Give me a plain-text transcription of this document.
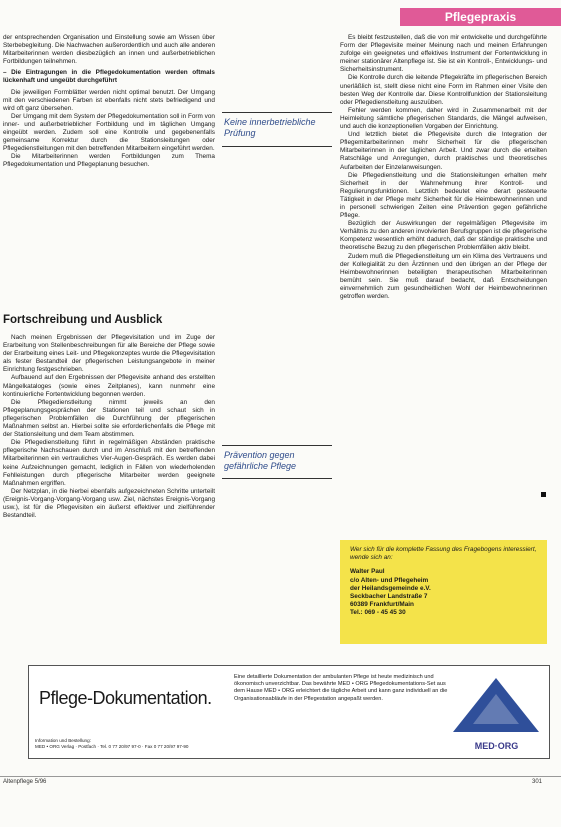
Pflegepraxis

der entsprechenden Organisation und Einstellung sowie am Wissen über Sterbebegleitung. Die Nachwachen außerordentlich und auch alle anderen Mitarbeiterinnen werden diesbezüglich an innen und außerbetrieblichen Fortbildungen teilnehmen.

– Die Eintragungen in die Pflegedokumentation werden oftmals lückenhaft und ungeübt durchgeführt

Die jeweiligen Formblätter werden nicht optimal benutzt. Der Umgang mit den verschiedenen Farben ist ebenfalls nicht stets befriedigend und wird oft ganz übersehen.

Der Umgang mit dem System der Pflegedokumentation soll in Form von inner- und außerbetrieblicher Fortbildung und im täglichen Umgang eingeübt werden. Zudem soll eine Kontrolle und gegebenenfalls gemeinsame Korrektur durch die Stationsleitungen oder Pflegedienstleitungen mit den betreffenden Mitarbeitern eingeführt werden.

Die Mitarbeiterinnen werden Fortbildungen zum Thema Pflegedokumentation und Pflegeplanung besuchen.

Fortschreibung und Ausblick

Nach meinen Ergebnissen der Pflegevisitation und im Zuge der Erarbeitung von Stellenbeschreibungen für alle Bereiche der Pflege sowie der Erarbeitung eines Leit- und Pflegekonzeptes wurde die Pflegevisitation als fester Bestandteil der pflegerischen Leistungsangebote in meiner Einrichtung festgeschrieben.

Aufbauend auf den Ergebnissen der Pflegevisite anhand des erstellten Mängelkataloges (sowie eines Zeitplanes), kann nunmehr eine kontinuierliche Fortentwicklung begonnen werden.

Die Pflegedienstleitung nimmt jeweils an den Pflegeplanungsgesprächen der Stationen teil und schaut sich in pflegerischen Problemfällen die Durchführung der pflegerischen Maßnahmen selbst an. Hierbei sollte sie erforderlichenfalls die Pflege mit der Stationsleitung und dem Team abstimmen.

Die Pflegedienstleitung führt in regelmäßigen Abständen praktische pflegerische Nachschauen durch und im Anschluß mit den betreffenden Mitarbeiterinnen ein vertrauliches Vier-Augen-Gespräch. Es werden dabei keine Aufzeichnungen gemacht, lediglich in Fällen von wiederholenden Fehlleistungen durch pflegerische Mitarbeiter werden geeignete Maßnahmen ergriffen.

Der Netzplan, in die hierbei ebenfalls aufgezeichneten Schritte unterteilt (Ereignis-Vorgang-Vorgang-Vorgang usw. Ziel, nächstes Ereignis-Vorgang usw.), ist für die Pflegevisiten ein äußerst effektiver und zielführender Bestandteil.

Keine innerbetriebliche Prüfung
Prävention gegen gefährliche Pflege

Es bleibt festzustellen, daß die von mir entwickelte und durchgeführte Form der Pflegevisite meiner Meinung nach und meinen Erfahrungen zufolge ein geeignetes und effektives Instrument der Fortentwicklung in meiner stationärer Altenpflege ist. Sie ist ein Kontroll-, Entwicklungs- und Sicherheitsinstrument.

Die Kontrolle durch die leitende Pflegekräfte im pflegerischen Bereich unerläßlich ist, stellt diese nicht eine Form im Rahmen einer Visite den besten Weg der Kontrolle dar. Diese Kontrollfunktion der Stationsleitung oder Pflegedienstleitung auszuüben.

Fehler werden kommen, daher wird in Zusammenarbeit mit der Heimleitung sämtliche pflegerischen Standards, die Mängel aufweisen, und auch die konzeptionellen Vorgaben der Einrichtung.

Und letztlich bietet die Pflegevisite durch die Integration der Pflegemitarbeiterinnen mehr Sicherheit für die pflegerischen Mitarbeiterinnen in der täglichen Arbeit. Und zwar durch die erteilten Ratschläge und Anregungen, durch praktisches und theoretisches Aufarbeiten der Einzelanweisungen.

Die Pflegedienstleitung und die Stationsleitungen erhalten mehr Sicherheit in der Wahrnehmung ihrer Kontroll- und Regulierungsfunktionen. Letztlich bedeutet eine derart gesteuerte Tätigkeit in der Pflege mehr Sicherheit für die Heimbewohnerinnen und in personell schwierigen Zeiten eine Prävention gegen gefährliche Pflege.

Bezüglich der Auswirkungen der regelmäßigen Pflegevisite im Verhältnis zu den anderen involvierten Berufsgruppen ist die pflegerische Kompetenz wesentlich erhöht dadurch, daß der ständige praktische und theoretische Bezug zu den pflegerischen Problemfällen aktiv bleibt.

Zudem muß die Pflegedienstleitung um ein Klima des Vertrauens und der Kollegialität zu den Ärztinnen und den übrigen an der Pflege der Heimbewohnerinnen beteiligten therapeutischen Mitarbeiterinnen bemüht sein. Sie muß darauf bedacht, daß Entscheidungen einvernehmlich zum gesundheitlichen Wohl der Heimbewohnerinnen getroffen werden.

Wer sich für die komplette Fassung des Fragebogens interessiert, wende sich an:
Walter Paul
c/o Alten- und Pflegeheim
der Heilandsgemeinde e.V.
Seckbacher Landstraße 7
60389 Frankfurt/Main
Tel.: 069 - 45 45 30
Pflege-Dokumentation.
Information und Bestellung:
MED • ORG Verlag · Postfach · Tel. 0 77 20/97 97-0 · Fax 0 77 20/97 97-90
Eine detaillierte Dokumentation der ambulanten Pflege ist heute medizinisch und ökonomisch unverzichtbar. Das bewährte MED • ORG Pflegedokumentations-Set aus dem Hause MED • ORG erleichtert die tägliche Arbeit und kann ganz individuell an die Organisationsabläufe in der Pflegestation angepaßt werden.
MED·ORG
Altenpflege 5/96	301
